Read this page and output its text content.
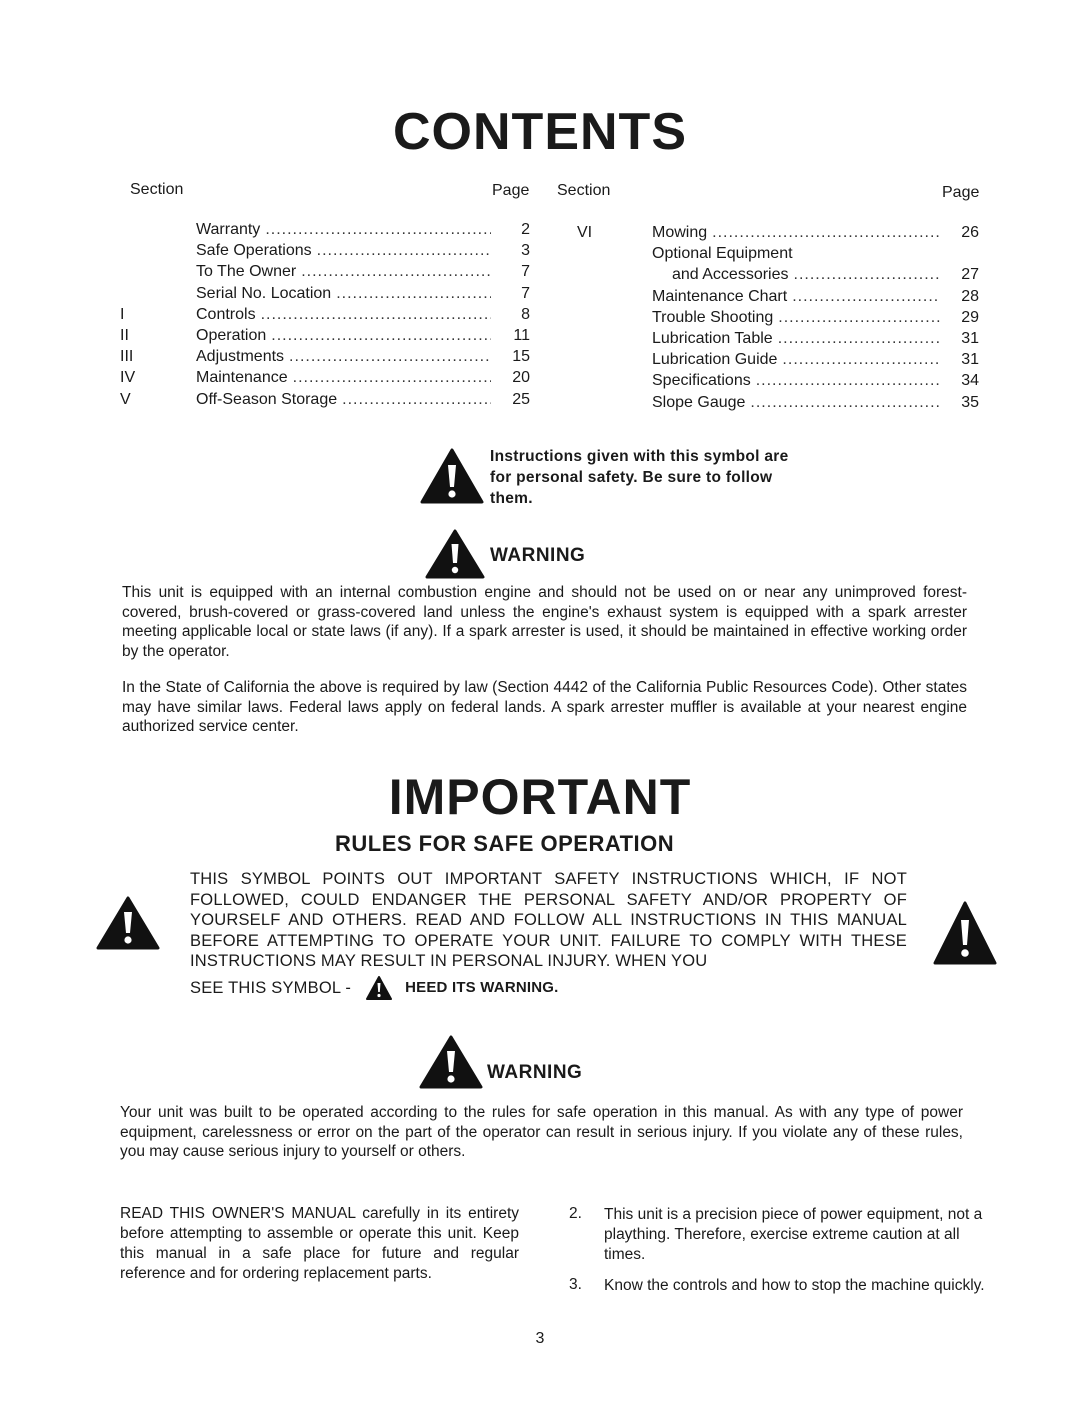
CONTENTS
Section	Page Section	Page
Warranty .....	2
Safe Operations .....	3
To The Owner .....	7
Serial No. Location .....	7
I	Controls .....	8
II	Operation .....	11
III	Adjustments .....	15
IV	Maintenance .....	20
V	Off-Season Storage .....	25
VI	Mowing .....	26
Optional Equipment
and Accessories .....	27
Maintenance Chart .....	28
Trouble Shooting .....	29
Lubrication Table .....	31
Lubrication Guide .....	31
Specifications .....	34
Slope Gauge .....	35
Instructions given with this symbol are
for personal safety. Be sure to follow
them.
WARNING
This unit is equipped with an internal combustion engine and should not be used on or near any unimproved forest-covered, brush-covered or grass-covered land unless the engine's exhaust system is equipped with a spark arrester meeting applicable local or state laws (if any). If a spark arrester is used, it should be maintained in effective working order by the operator.
In the State of California the above is required by law (Section 4442 of the California Public Resources Code). Other states may have similar laws. Federal laws apply on federal lands. A spark arrester muffler is available at your nearest engine authorized service center.
IMPORTANT
RULES FOR SAFE OPERATION
THIS SYMBOL POINTS OUT IMPORTANT SAFETY INSTRUCTIONS WHICH, IF NOT FOLLOWED, COULD ENDANGER THE PERSONAL SAFETY AND/OR PROPERTY OF YOURSELF AND OTHERS. READ AND FOLLOW ALL INSTRUCTIONS IN THIS MANUAL BEFORE ATTEMPTING TO OPERATE YOUR UNIT. FAILURE TO COMPLY WITH THESE INSTRUCTIONS MAY RESULT IN PERSONAL INJURY. WHEN YOU
SEE THIS SYMBOL -	HEED ITS WARNING.
WARNING
Your unit was built to be operated according to the rules for safe operation in this manual. As with any type of power equipment, carelessness or error on the part of the operator can result in serious injury. If you violate any of these rules, you may cause serious injury to yourself or others.
READ THIS OWNER'S MANUAL carefully in its entirety before attempting to assemble or operate this unit. Keep this manual in a safe place for future and regular reference and for ordering replacement parts.
2.	This unit is a precision piece of power equipment, not a plaything. Therefore, exercise extreme caution at all times.
3.	Know the controls and how to stop the machine quickly.
3
